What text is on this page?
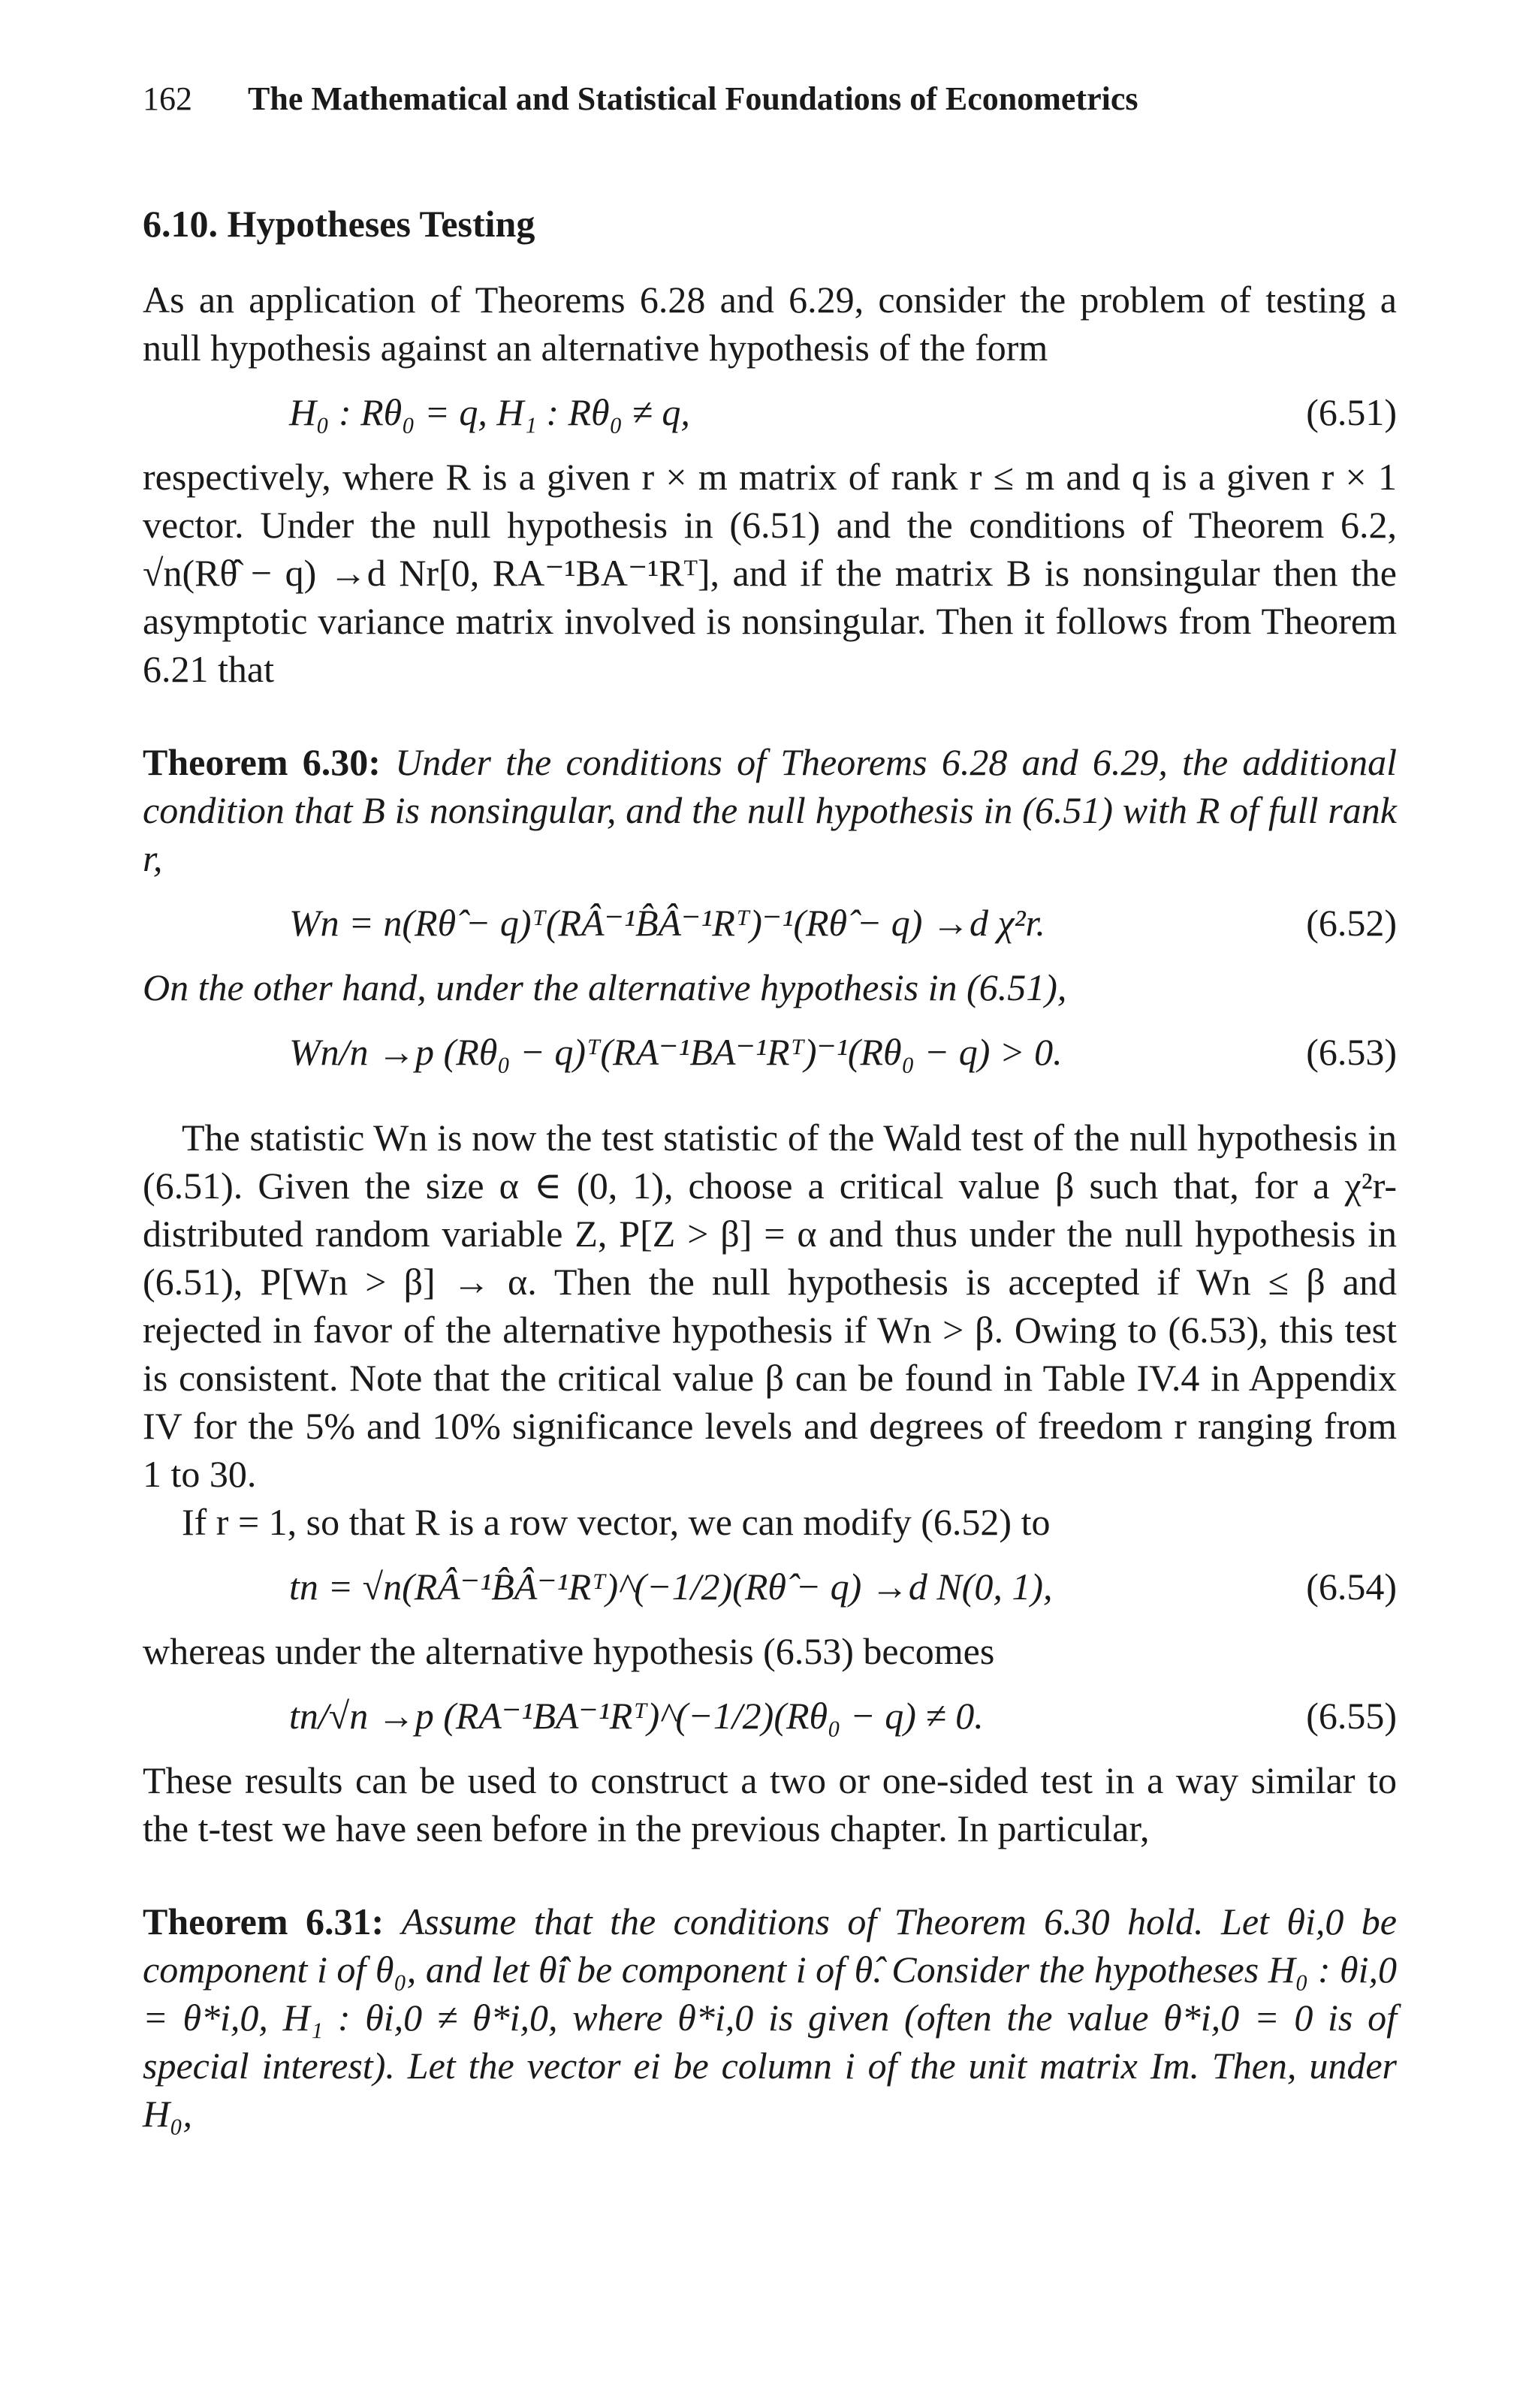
162	The Mathematical and Statistical Foundations of Econometrics
6.10. Hypotheses Testing

As an application of Theorems 6.28 and 6.29, consider the problem of testing a null hypothesis against an alternative hypothesis of the form

H₀ : Rθ₀ = q, H₁ : Rθ₀ ≠ q,	(6.51)

respectively, where R is a given r × m matrix of rank r ≤ m and q is a given r × 1 vector. Under the null hypothesis in (6.51) and the conditions of Theorem 6.2, √n(Rθ̂ − q) →d Nr[0, RA⁻¹BA⁻¹Rᵀ], and if the matrix B is nonsingular then the asymptotic variance matrix involved is nonsingular. Then it follows from Theorem 6.21 that

Theorem 6.30: Under the conditions of Theorems 6.28 and 6.29, the additional condition that B is nonsingular, and the null hypothesis in (6.51) with R of full rank r,

Wn = n(Rθ̂ − q)ᵀ(RÂ⁻¹B̂Â⁻¹Rᵀ)⁻¹(Rθ̂ − q) →d χ²r.	(6.52)

On the other hand, under the alternative hypothesis in (6.51),

Wn/n →p (Rθ₀ − q)ᵀ(RA⁻¹BA⁻¹Rᵀ)⁻¹(Rθ₀ − q) > 0.	(6.53)

The statistic Wn is now the test statistic of the Wald test of the null hypothesis in (6.51). Given the size α ∈ (0, 1), choose a critical value β such that, for a χ²r-distributed random variable Z, P[Z > β] = α and thus under the null hypothesis in (6.51), P[Wn > β] → α. Then the null hypothesis is accepted if Wn ≤ β and rejected in favor of the alternative hypothesis if Wn > β. Owing to (6.53), this test is consistent. Note that the critical value β can be found in Table IV.4 in Appendix IV for the 5% and 10% significance levels and degrees of freedom r ranging from 1 to 30.

If r = 1, so that R is a row vector, we can modify (6.52) to

tn = √n(RÂ⁻¹B̂Â⁻¹Rᵀ)^(−1/2)(Rθ̂ − q) →d N(0, 1),	(6.54)

whereas under the alternative hypothesis (6.53) becomes

tn/√n →p (RA⁻¹BA⁻¹Rᵀ)^(−1/2)(Rθ₀ − q) ≠ 0.	(6.55)

These results can be used to construct a two or one-sided test in a way similar to the t-test we have seen before in the previous chapter. In particular,

Theorem 6.31: Assume that the conditions of Theorem 6.30 hold. Let θi,0 be component i of θ₀, and let θ̂i be component i of θ̂. Consider the hypotheses H₀ : θi,0 = θ*i,0, H₁ : θi,0 ≠ θ*i,0, where θ*i,0 is given (often the value θ*i,0 = 0 is of special interest). Let the vector ei be column i of the unit matrix Im. Then, under H₀,
